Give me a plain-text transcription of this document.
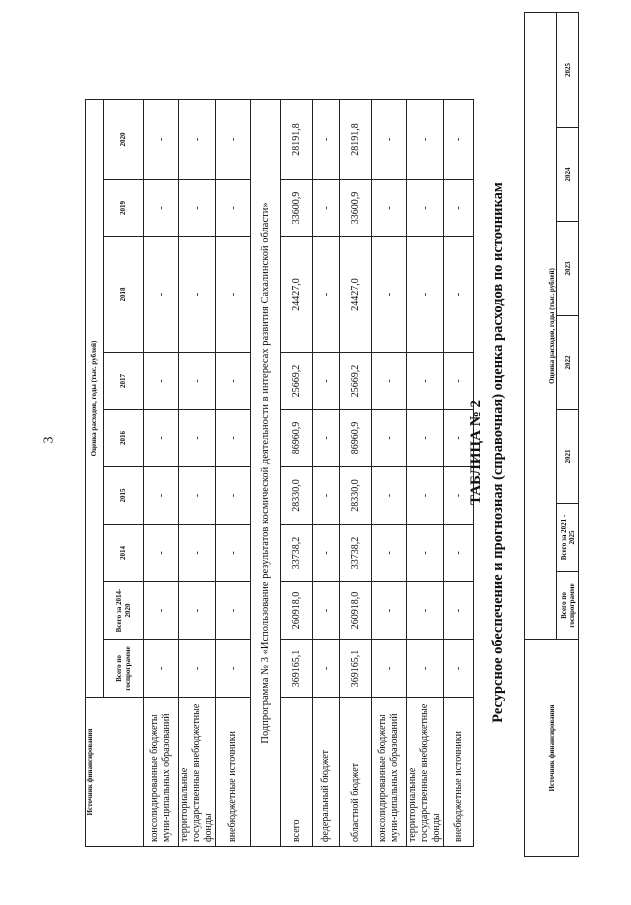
3
Источник финансирования	Оценка расходов, годы (тыс. рублей)								
	Всего по госпрограмме	Всего за 2014-2020	2014	2015	2016	2017	2018	2019	2020
консолидированные бюджеты муни-ципальных образований	-	-	-	-	-	-	-	-	-
территориальные государственные внебюджетные фонды	-	-	-	-	-	-	-	-	-
внебюджетные источники	-	-	-	-	-	-	-	-	-
Подпрограмма № 3 «Использование результатов космической деятельности в интересах развития Сахалинской области»									
всего	369165,1	260918,0	33738,2	28330,0	86960,9	25669,2	24427,0	33600,9	28191,8
федеральный бюджет	-	-	-	-	-	-	-	-	-
областной бюджет	369165,1	260918,0	33738,2	28330,0	86960,9	25669,2	24427,0	33600,9	28191,8
консолидированные бюджеты муни-ципальных образований	-	-	-	-	-	-	-	-	-
территориальные государственные внебюджетные фонды	-	-	-	-	-	-	-	-	-
внебюджетные источники	-	-	-	-	-	-	-	-	-
ТАБЛИЦА № 2 Ресурсное обеспечение и прогнозная (справочная) оценка расходов по источникам
Источник финансирования	Оценка расходов, годы (тыс. рублей)						
	Всего по госпрограмме	Всего за 2021 - 2025	2021	2022	2023	2024	2025
